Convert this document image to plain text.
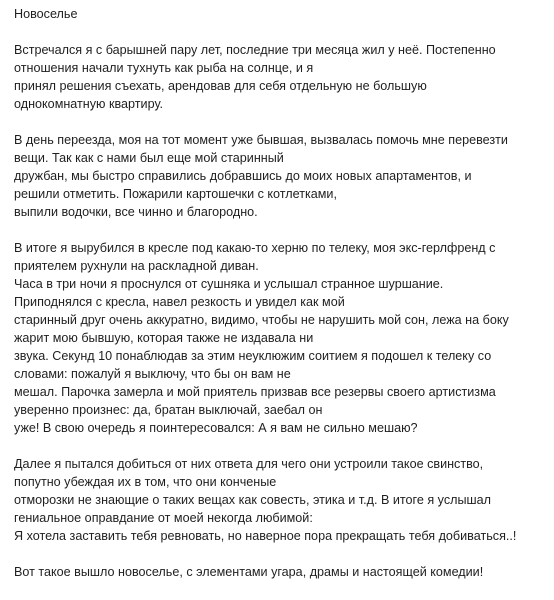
Новоселье
Встречался я с барышней пару лет, последние три месяца жил у неё. Постепенно
отношения начали тухнуть как рыба на солнце, и я
принял решения съехать, арендовав для себя отдельную не большую
однокомнатную квартиру.
В день переезда, моя на тот момент уже бывшая, вызвалась помочь мне перевезти
вещи. Так как с нами был еще мой старинный
дружбан, мы быстро справились добравшись до моих новых апартаментов, и
решили отметить. Пожарили картошечки с котлетками,
выпили водочки, все чинно и благородно.
В итоге я вырубился в кресле под какаю-то херню по телеку, моя экс-герлфренд с
приятелем рухнули на раскладной диван.
Часа в три ночи я проснулся от сушняка и услышал странное шуршание.
Приподнялся с кресла, навел резкость и увидел как мой
старинный друг очень аккуратно, видимо, чтобы не нарушить мой сон, лежа на боку
жарит мою бывшую, которая также не издавала ни
звука. Секунд 10 понаблюдав за этим неуклюжим соитием я подошел к телеку со
словами: пожалуй я выключу, что бы он вам не
мешал. Парочка замерла и мой приятель призвав все резервы своего артистизма
уверенно произнес: да, братан выключай, заебал он
уже! В свою очередь я поинтересовался: А я вам не сильно мешаю?
Далее я пытался добиться от них ответа для чего они устроили такое свинство,
попутно убеждая их в том, что они конченые
отморозки не знающие о таких вещах как совесть, этика и т.д. В итоге я услышал
гениальное оправдание от моей некогда любимой:
Я хотела заставить тебя ревновать, но наверное пора прекращать тебя добиваться..!
Вот такое вышло новоселье, с элементами угара, драмы и настоящей комедии!
